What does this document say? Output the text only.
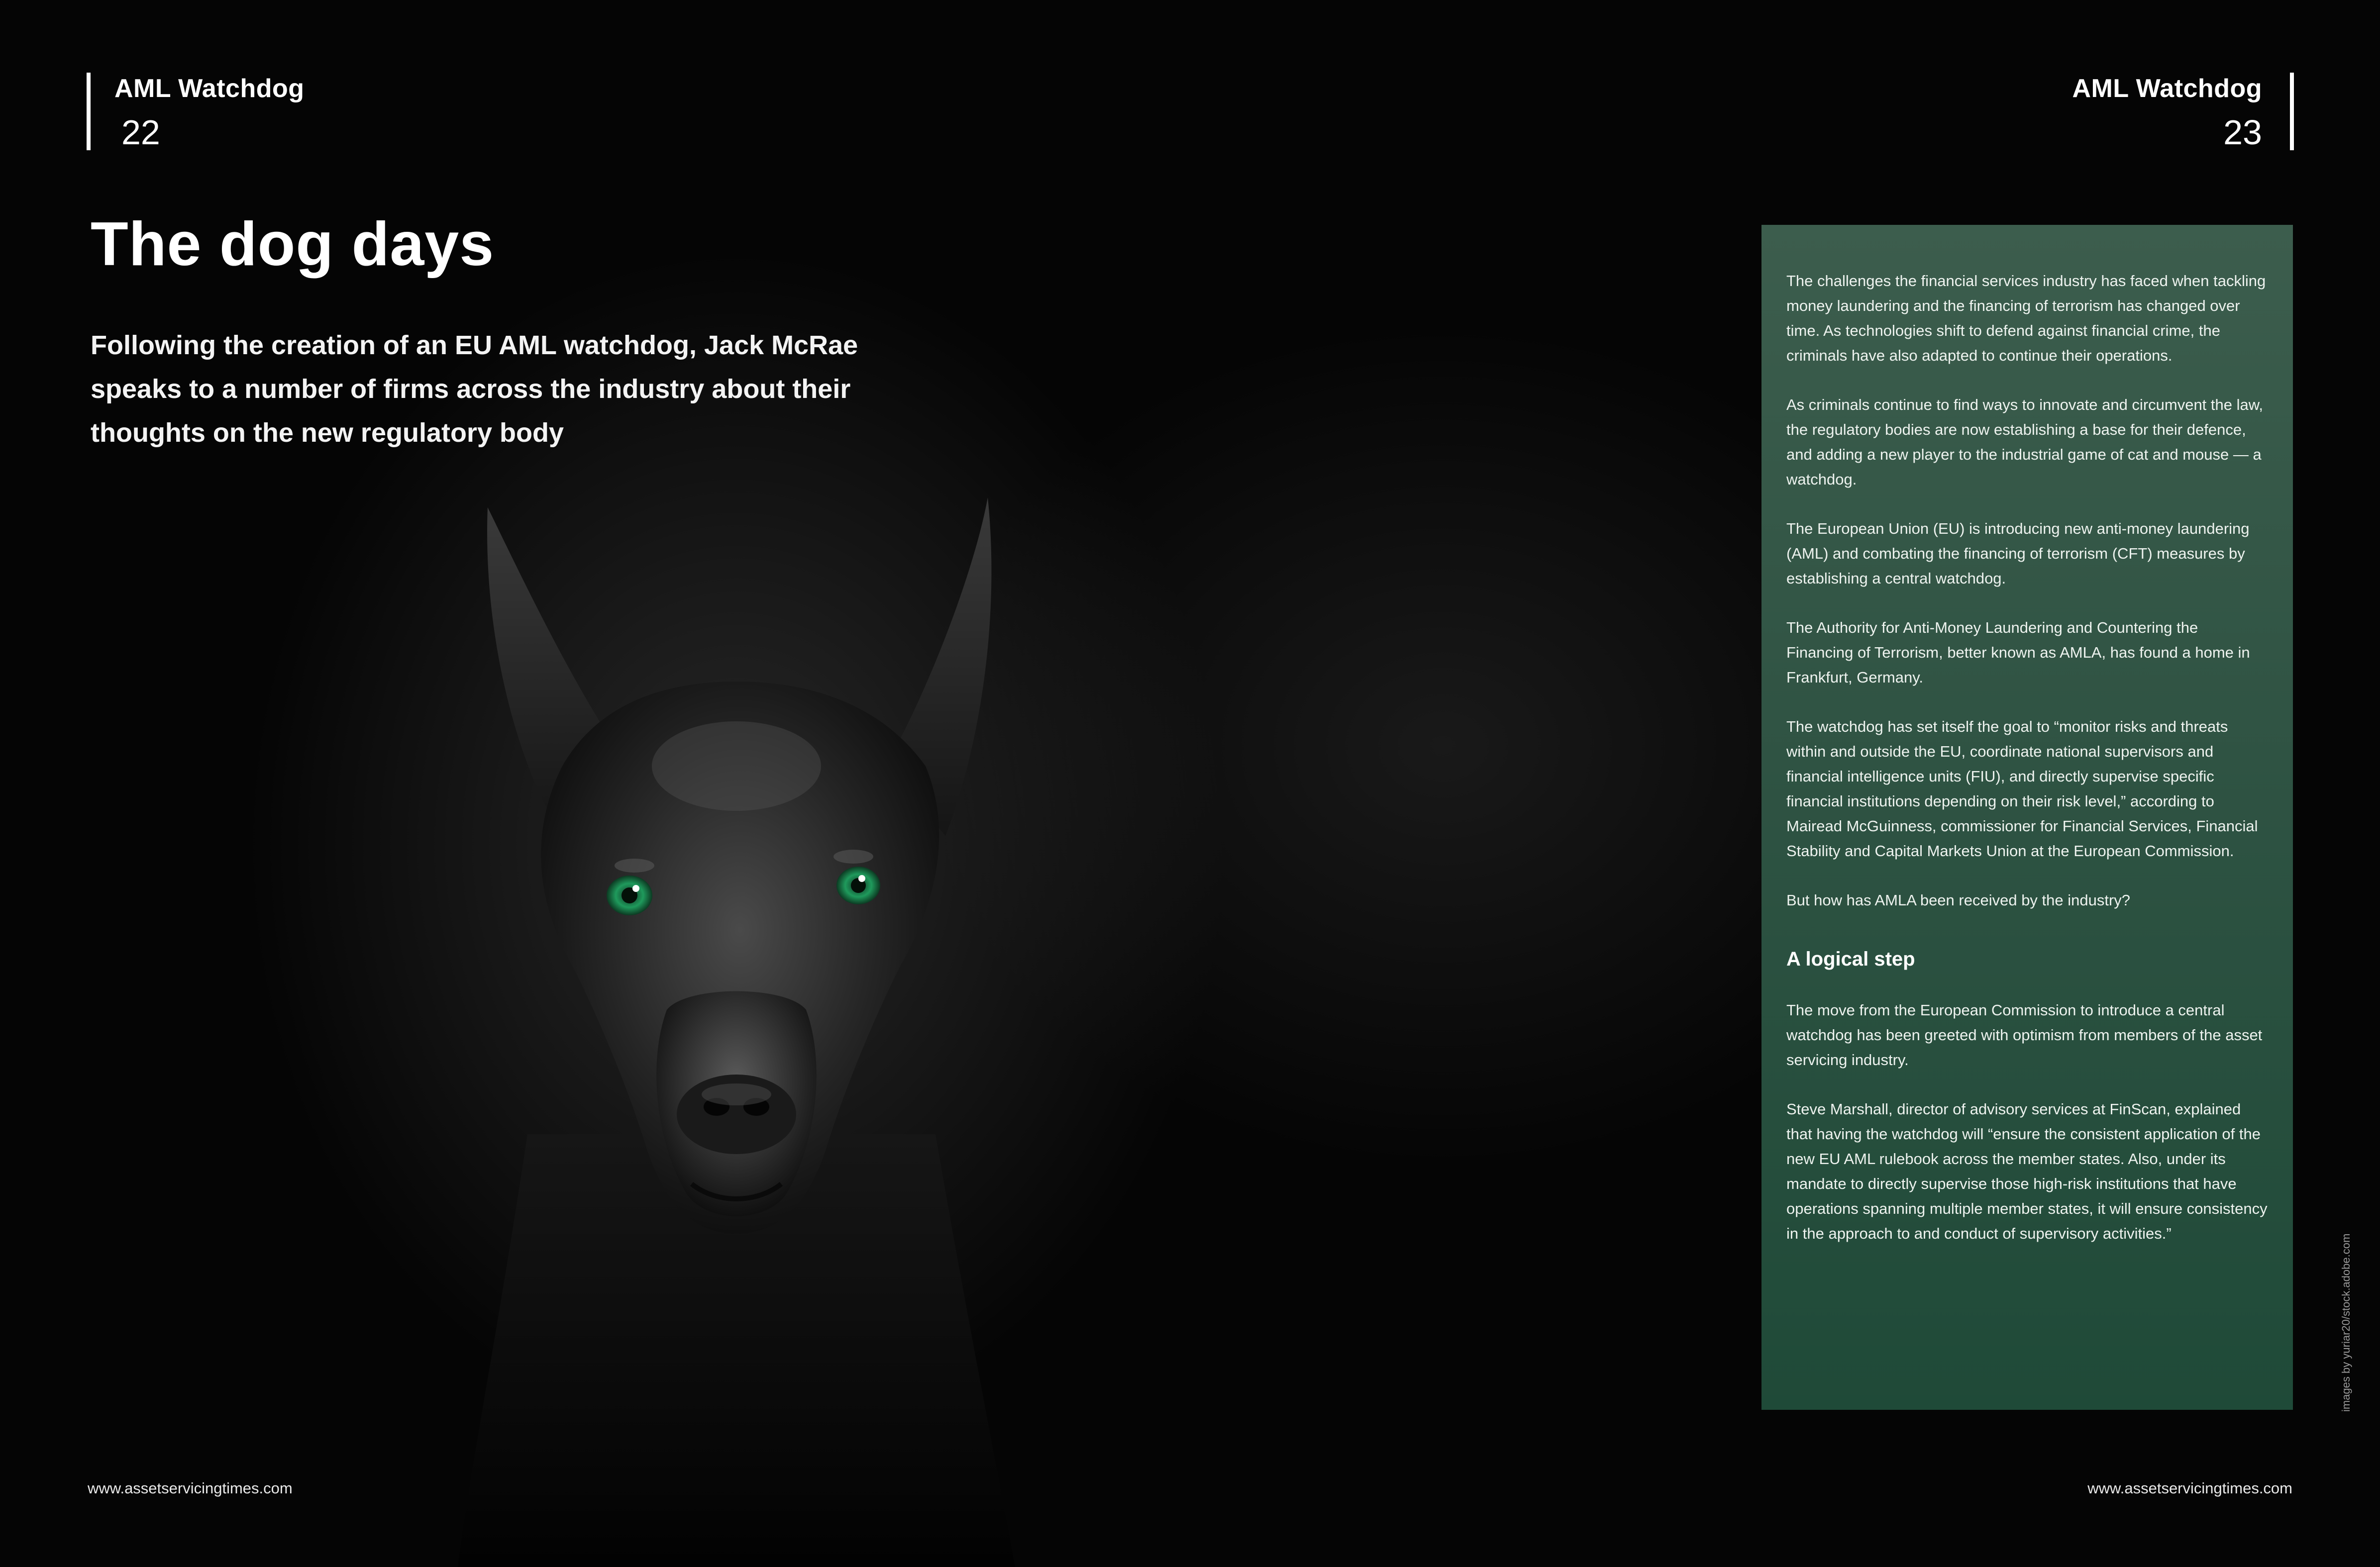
AML Watchdog
22
AML Watchdog
23
The dog days

Following the creation of an EU AML watchdog, Jack McRae speaks to a number of firms across the industry about their thoughts on the new regulatory body

The challenges the financial services industry has faced when tackling money laundering and the financing of terrorism has changed over time. As technologies shift to defend against financial crime, the criminals have also adapted to continue their operations.

As criminals continue to find ways to innovate and circumvent the law, the regulatory bodies are now establishing a base for their defence, and adding a new player to the industrial game of cat and mouse — a watchdog.

The European Union (EU) is introducing new anti-money laundering (AML) and combating the financing of terrorism (CFT) measures by establishing a central watchdog.

The Authority for Anti-Money Laundering and Countering the Financing of Terrorism, better known as AMLA, has found a home in Frankfurt, Germany.

The watchdog has set itself the goal to “monitor risks and threats within and outside the EU, coordinate national supervisors and financial intelligence units (FIU), and directly supervise specific financial institutions depending on their risk level,” according to Mairead McGuinness, commissioner for Financial Services, Financial Stability and Capital Markets Union at the European Commission.

But how has AMLA been received by the industry?

A logical step

The move from the European Commission to introduce a central watchdog has been greeted with optimism from members of the asset servicing industry.

Steve Marshall, director of advisory services at FinScan, explained that having the watchdog will “ensure the consistent application of the new EU AML rulebook across the member states. Also, under its mandate to directly supervise those high-risk institutions that have operations spanning multiple member states, it will ensure consistency in the approach to and conduct of supervisory activities.”

www.assetservicingtimes.com	www.assetservicingtimes.com
images by yuriar20/stock.adobe.com
